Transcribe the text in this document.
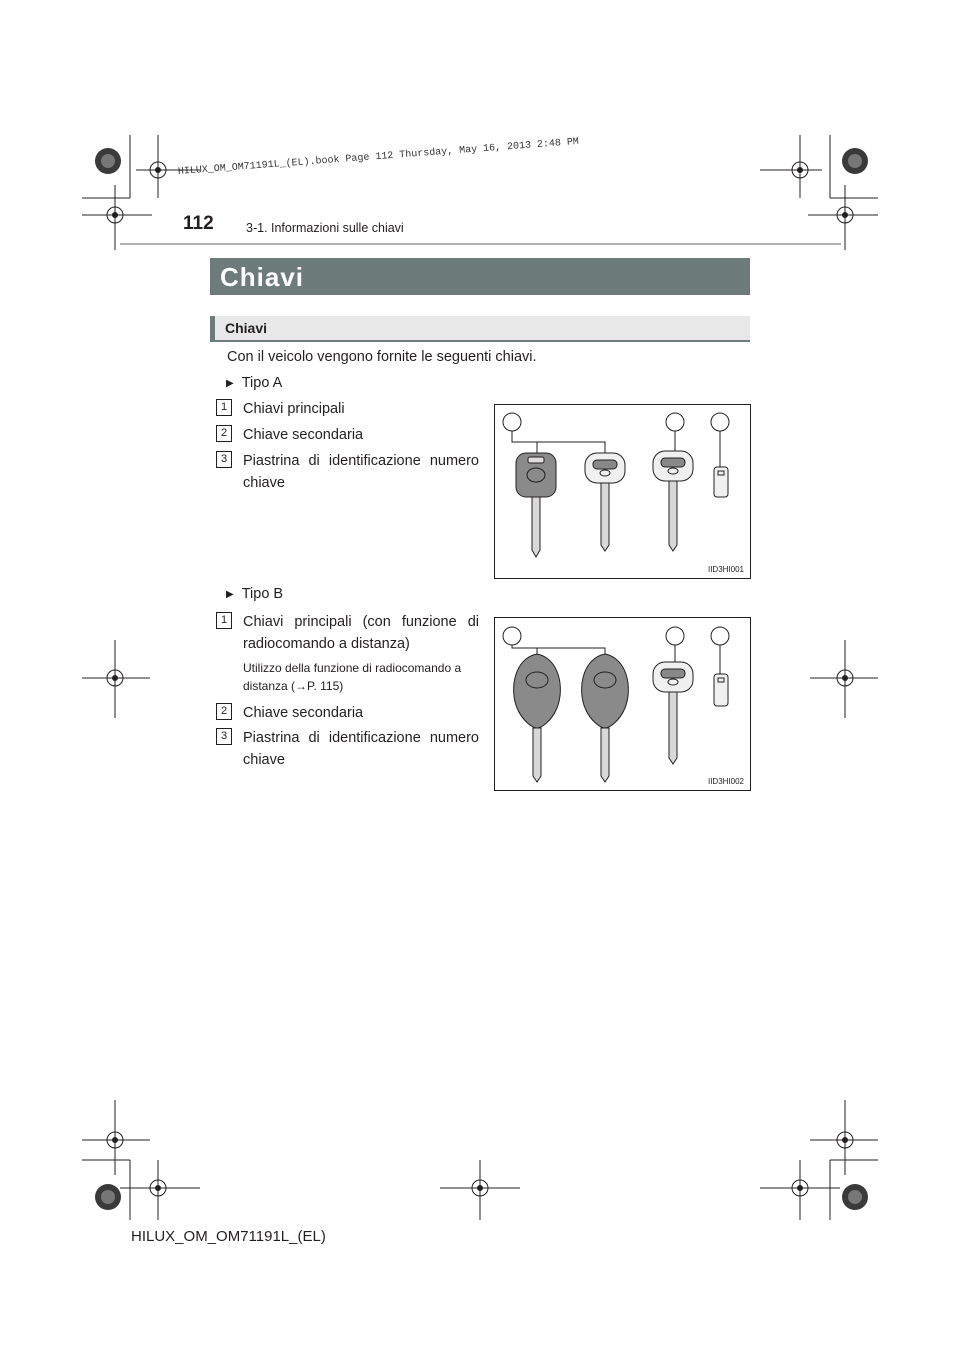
HILUX_OM_OM71191L_(EL).book Page 112 Thursday, May 16, 2013 2:48 PM
112	3-1. Informazioni sulle chiavi
Chiavi
Chiavi
Con il veicolo vengono fornite le seguenti chiavi.
▶ Tipo A
1	Chiavi principali
2	Chiave secondaria
3	Piastrina di identificazione numero chiave
IID3HI001
▶ Tipo B
1	Chiavi principali (con funzione di radiocomando a distanza)
Utilizzo della funzione di radiocomando a distanza (→P. 115)
2	Chiave secondaria
3	Piastrina di identificazione numero chiave
IID3HI002
HILUX_OM_OM71191L_(EL)
